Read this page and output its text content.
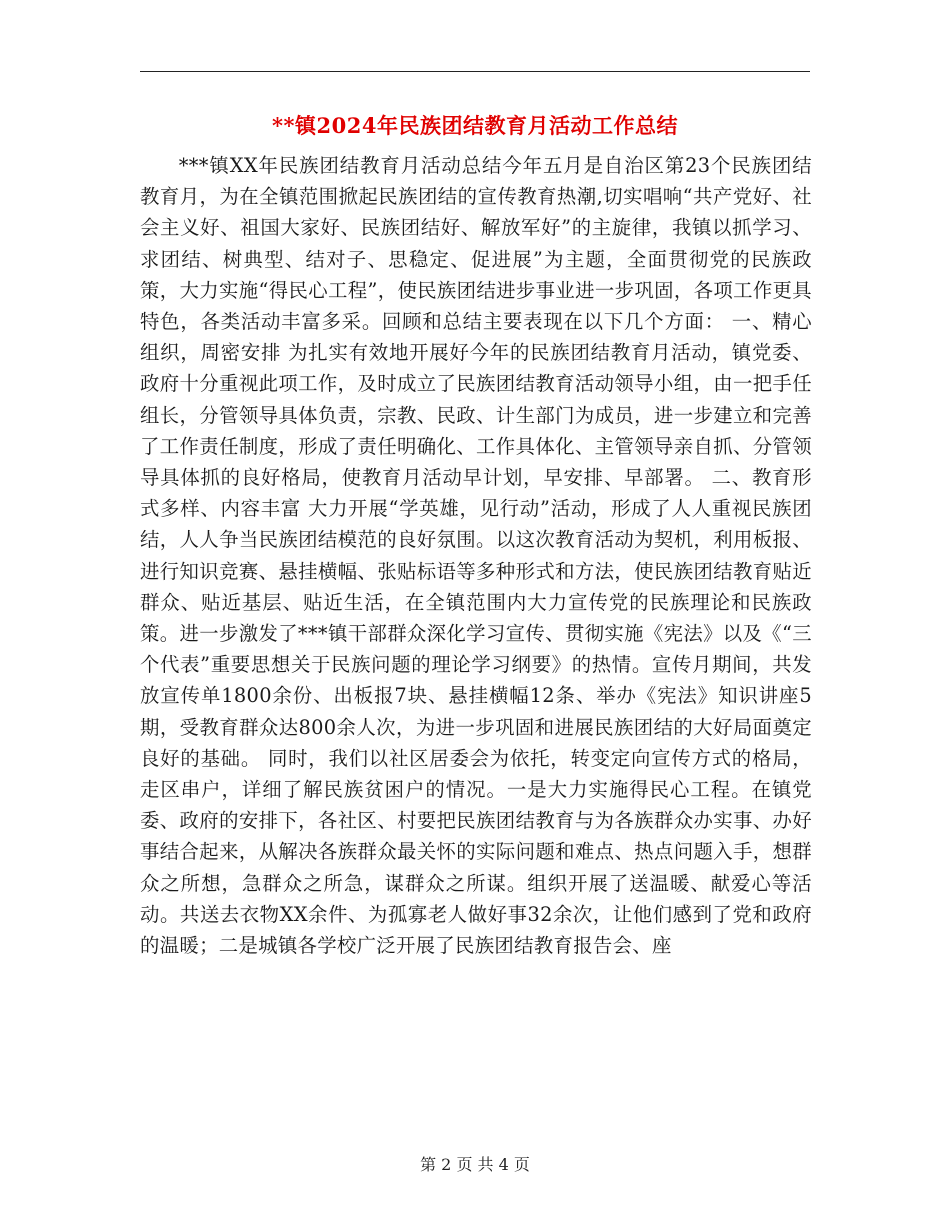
**镇2024年民族团结教育月活动工作总结

***镇XX年民族团结教育月活动总结今年五月是自治区第23个民族团结教育月，为在全镇范围掀起民族团结的宣传教育热潮,切实唱响“共产党好、社会主义好、祖国大家好、民族团结好、解放军好”的主旋律，我镇以抓学习、求团结、树典型、结对子、思稳定、促进展”为主题，全面贯彻党的民族政策，大力实施“得民心工程”，使民族团结进步事业进一步巩固，各项工作更具特色，各类活动丰富多采。回顾和总结主要表现在以下几个方面： 一、精心组织，周密安排 为扎实有效地开展好今年的民族团结教育月活动，镇党委、政府十分重视此项工作，及时成立了民族团结教育活动领导小组，由一把手任组长，分管领导具体负责，宗教、民政、计生部门为成员，进一步建立和完善了工作责任制度，形成了责任明确化、工作具体化、主管领导亲自抓、分管领导具体抓的良好格局，使教育月活动早计划，早安排、早部署。 二、教育形式多样、内容丰富 大力开展“学英雄，见行动”活动，形成了人人重视民族团结，人人争当民族团结模范的良好氛围。以这次教育活动为契机，利用板报、进行知识竞赛、悬挂横幅、张贴标语等多种形式和方法，使民族团结教育贴近群众、贴近基层、贴近生活，在全镇范围内大力宣传党的民族理论和民族政策。进一步激发了***镇干部群众深化学习宣传、贯彻实施《宪法》以及《“三个代表”重要思想关于民族问题的理论学习纲要》的热情。宣传月期间，共发放宣传单1800余份、出板报7块、悬挂横幅12条、举办《宪法》知识讲座5期，受教育群众达800余人次，为进一步巩固和进展民族团结的大好局面奠定良好的基础。 同时，我们以社区居委会为依托，转变定向宣传方式的格局，走区串户，详细了解民族贫困户的情况。一是大力实施得民心工程。在镇党委、政府的安排下，各社区、村要把民族团结教育与为各族群众办实事、办好事结合起来，从解决各族群众最关怀的实际问题和难点、热点问题入手，想群众之所想，急群众之所急，谋群众之所谋。组织开展了送温暖、献爱心等活动。共送去衣物XX余件、为孤寡老人做好事32余次，让他们感到了党和政府的温暖；二是城镇各学校广泛开展了民族团结教育报告会、座

第 2 页 共 4 页
